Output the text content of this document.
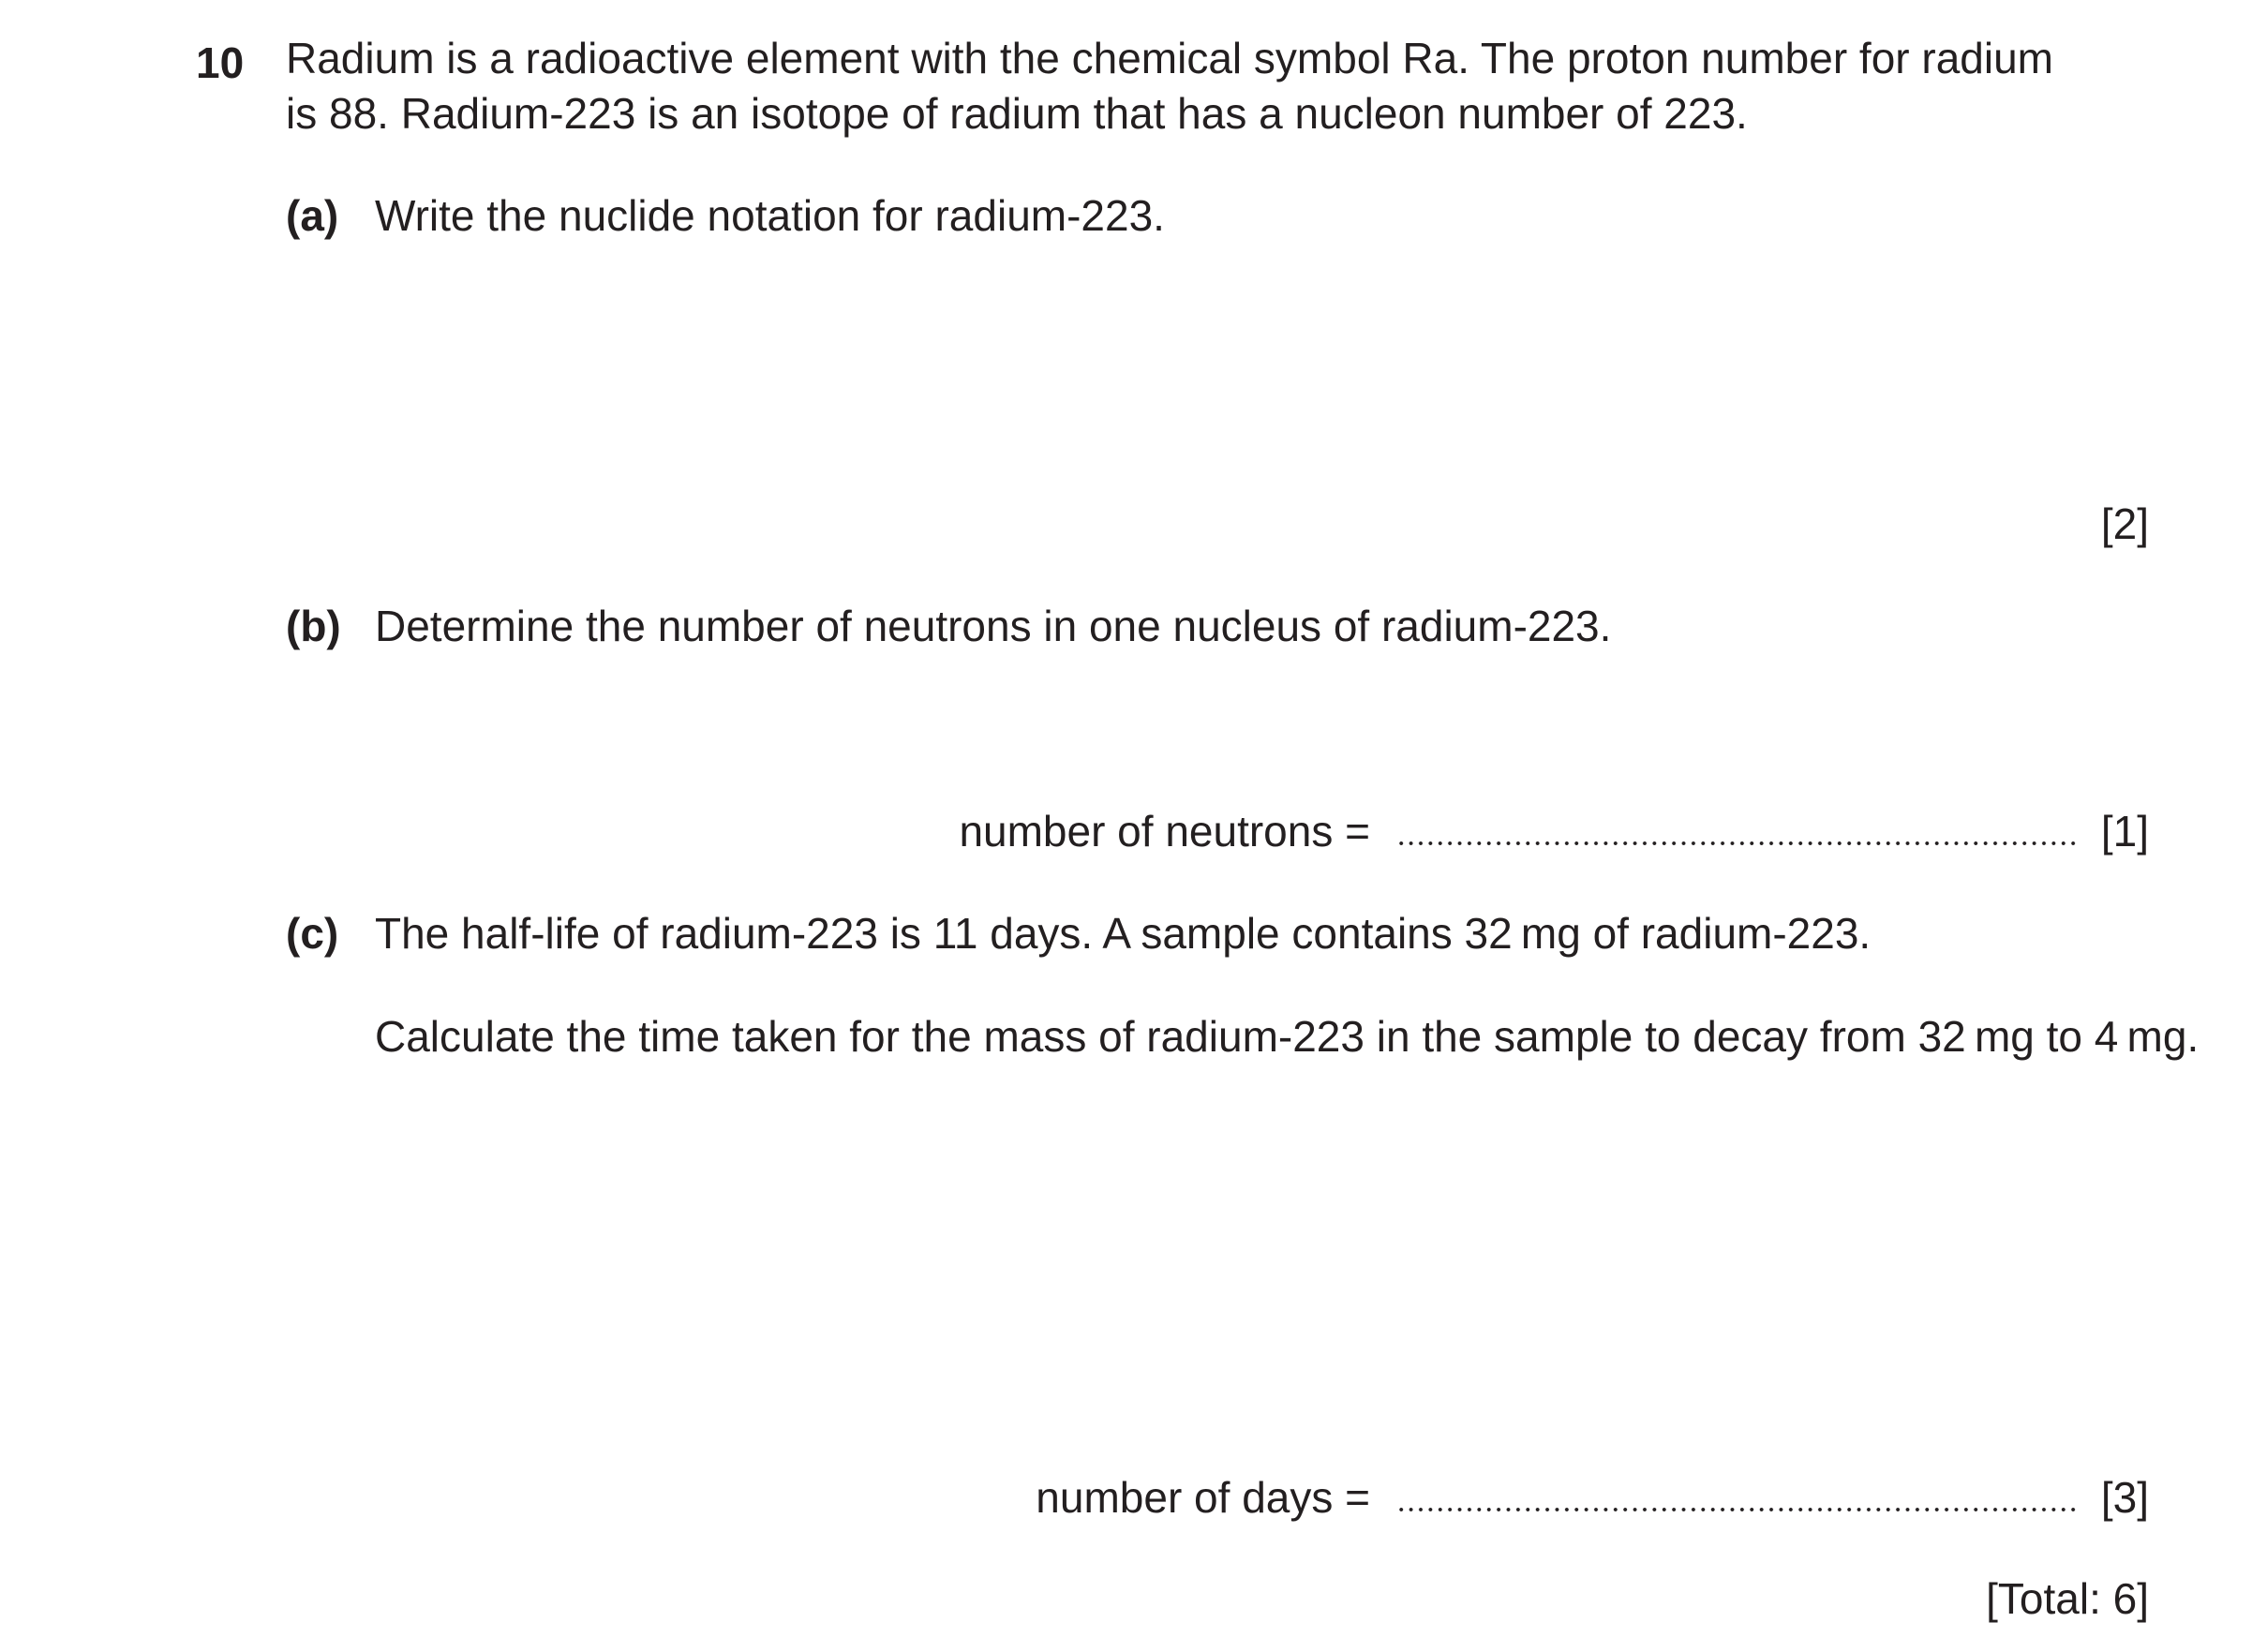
10 Radium is a radioactive element with the chemical symbol Ra. The proton number for radium
is 88. Radium-223 is an isotope of radium that has a nucleon number of 223.
(a) Write the nuclide notation for radium-223.
[2]
(b) Determine the number of neutrons in one nucleus of radium-223.
number of neutrons =	[1]
(c) The half-life of radium-223 is 11 days. A sample contains 32 mg of radium-223.
Calculate the time taken for the mass of radium-223 in the sample to decay from 32 mg to 4 mg.
number of days =	[3]
[Total: 6]
